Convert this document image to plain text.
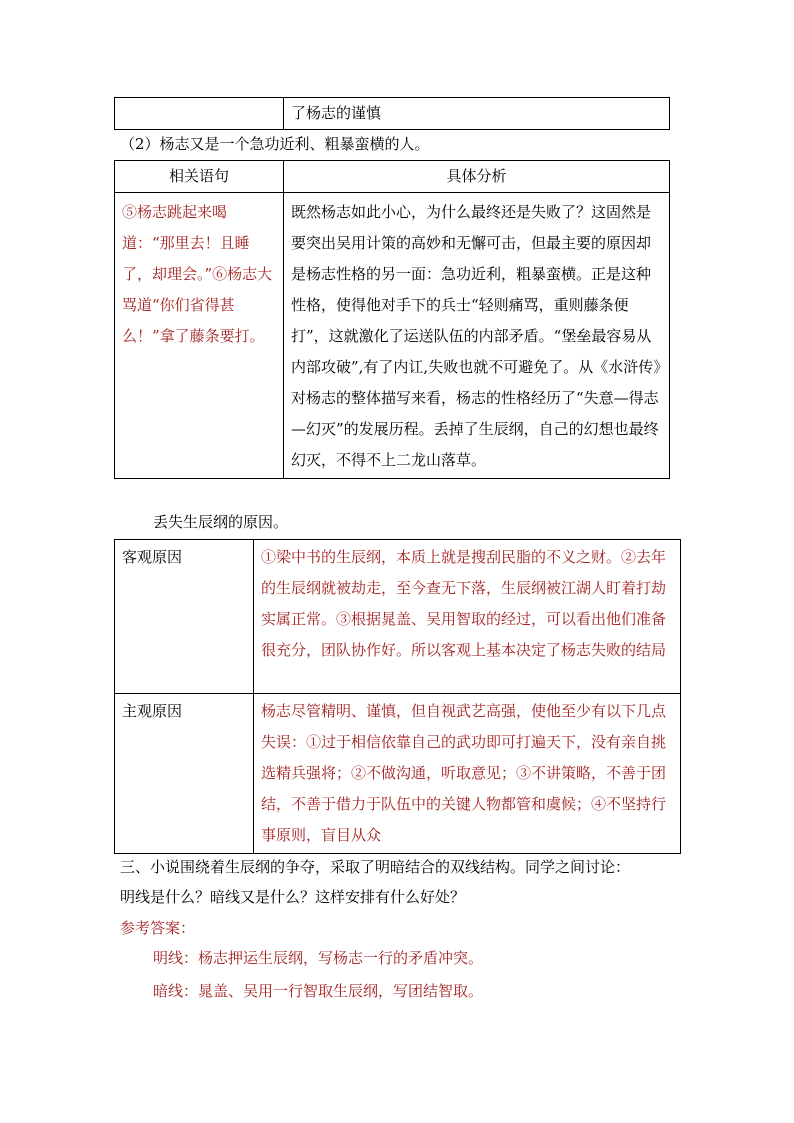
了杨志的谨慎
（2）杨志又是一个急功近利、粗暴蛮横的人。
相关语句	具体分析

⑤杨志跳起来喝道：“那里去！且睡了，却理会。”⑥杨志大骂道“你们省得甚么！”拿了藤条要打。	既然杨志如此小心，为什么最终还是失败了？这固然是要突出吴用计策的高妙和无懈可击，但最主要的原因却是杨志性格的另一面：急功近利，粗暴蛮横。正是这种性格，使得他对手下的兵士“轻则痛骂，重则藤条便打”，这就激化了运送队伍的内部矛盾。“堡垒最容易从内部攻破”,有了内讧,失败也就不可避免了。从《水浒传》对杨志的整体描写来看，杨志的性格经历了“失意—得志—幻灭”的发展历程。丢掉了生辰纲，自己的幻想也最终幻灭，不得不上二龙山落草。
丢失生辰纲的原因。
客观原因	①梁中书的生辰纲，本质上就是搜刮民脂的不义之财。②去年的生辰纲就被劫走，至今查无下落，生辰纲被江湖人盯着打劫实属正常。③根据晁盖、吴用智取的经过，可以看出他们准备很充分，团队协作好。所以客观上基本决定了杨志失败的结局

主观原因	杨志尽管精明、谨慎，但自视武艺高强，使他至少有以下几点失误：①过于相信依靠自己的武功即可打遍天下，没有亲自挑选精兵强将；②不做沟通，听取意见；③不讲策略，不善于团结，不善于借力于队伍中的关键人物都管和虞候；④不坚持行事原则，盲目从众
三、小说围绕着生辰纲的争夺，采取了明暗结合的双线结构。同学之间讨论：
明线是什么？暗线又是什么？这样安排有什么好处？
参考答案：
明线：杨志押运生辰纲，写杨志一行的矛盾冲突。
暗线：晁盖、吴用一行智取生辰纲，写团结智取。
